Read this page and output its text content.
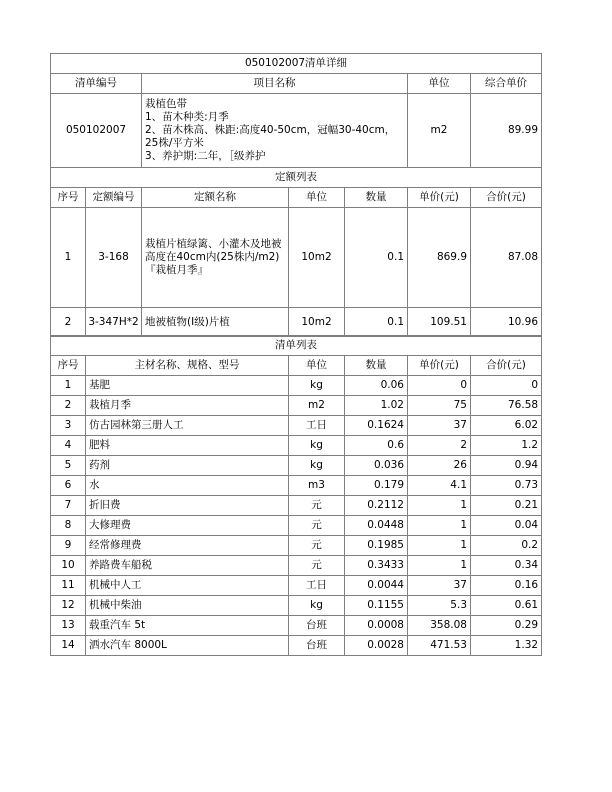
050102007清单详细			
清单编号	项目名称	单位	综合单价
050102007	栽植色带
1、苗木种类:月季
2、苗木株高、株距:高度40-50cm，冠幅30-40cm，25株/平方米
3、养护期:二年，［级养护	m2	89.99
定额列表						
序号	定额编号	定额名称	单位	数量	单价(元)	合价(元)
1	3-168	栽植片植绿篱、小灌木及地被高度在40cm内(25株内/m2)『栽植月季』	10m2	0.1	869.9	87.08
2	3-347H*2	地被植物(I级)片植	10m2	0.1	109.51	10.96
清单列表					
序号	主材名称、规格、型号	单位	数量	单价(元)	合价(元)
1	基肥	kg	0.06	0	0
2	栽植月季	m2	1.02	75	76.58
3	仿古园林第三册人工	工日	0.1624	37	6.02
4	肥料	kg	0.6	2	1.2
5	药剂	kg	0.036	26	0.94
6	水	m3	0.179	4.1	0.73
7	折旧费	元	0.2112	1	0.21
8	大修理费	元	0.0448	1	0.04
9	经常修理费	元	0.1985	1	0.2
10	养路费车船税	元	0.3433	1	0.34
11	机械中人工	工日	0.0044	37	0.16
12	机械中柴油	kg	0.1155	5.3	0.61
13	载重汽车 5t	台班	0.0008	358.08	0.29
14	洒水汽车 8000L	台班	0.0028	471.53	1.32
